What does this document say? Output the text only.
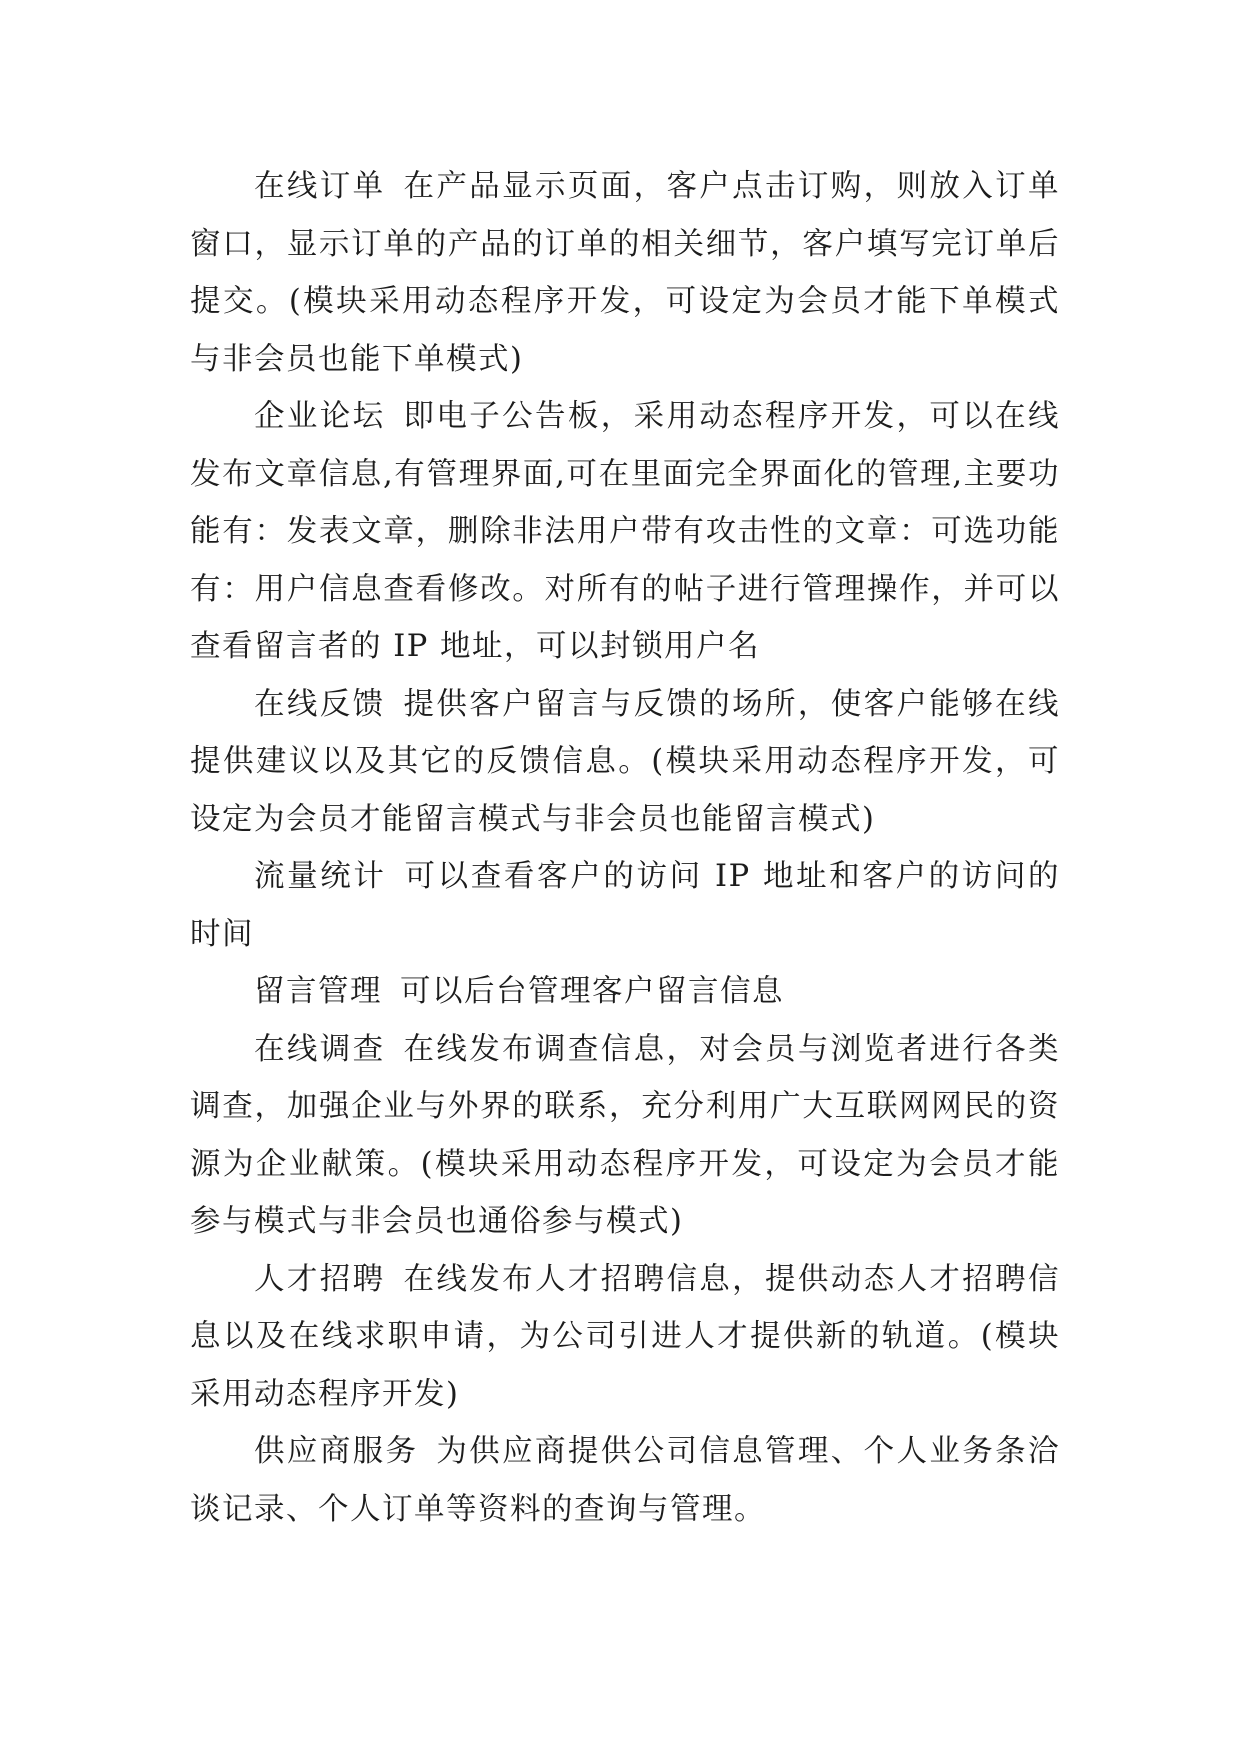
在线订单 在产品显示页面，客户点击订购，则放入订单窗口，显示订单的产品的订单的相关细节，客户填写完订单后提交。(模块采用动态程序开发，可设定为会员才能下单模式与非会员也能下单模式)

企业论坛 即电子公告板，采用动态程序开发，可以在线发布文章信息,有管理界面,可在里面完全界面化的管理,主要功能有：发表文章，删除非法用户带有攻击性的文章：可选功能有：用户信息查看修改。对所有的帖子进行管理操作，并可以查看留言者的 IP 地址，可以封锁用户名

在线反馈 提供客户留言与反馈的场所，使客户能够在线提供建议以及其它的反馈信息。(模块采用动态程序开发，可设定为会员才能留言模式与非会员也能留言模式)

流量统计 可以查看客户的访问 IP 地址和客户的访问的时间

留言管理 可以后台管理客户留言信息

在线调查 在线发布调查信息，对会员与浏览者进行各类调查，加强企业与外界的联系，充分利用广大互联网网民的资源为企业献策。(模块采用动态程序开发，可设定为会员才能参与模式与非会员也通俗参与模式)

人才招聘 在线发布人才招聘信息，提供动态人才招聘信息以及在线求职申请，为公司引进人才提供新的轨道。(模块采用动态程序开发)

供应商服务 为供应商提供公司信息管理、个人业务条洽谈记录、个人订单等资料的查询与管理。
